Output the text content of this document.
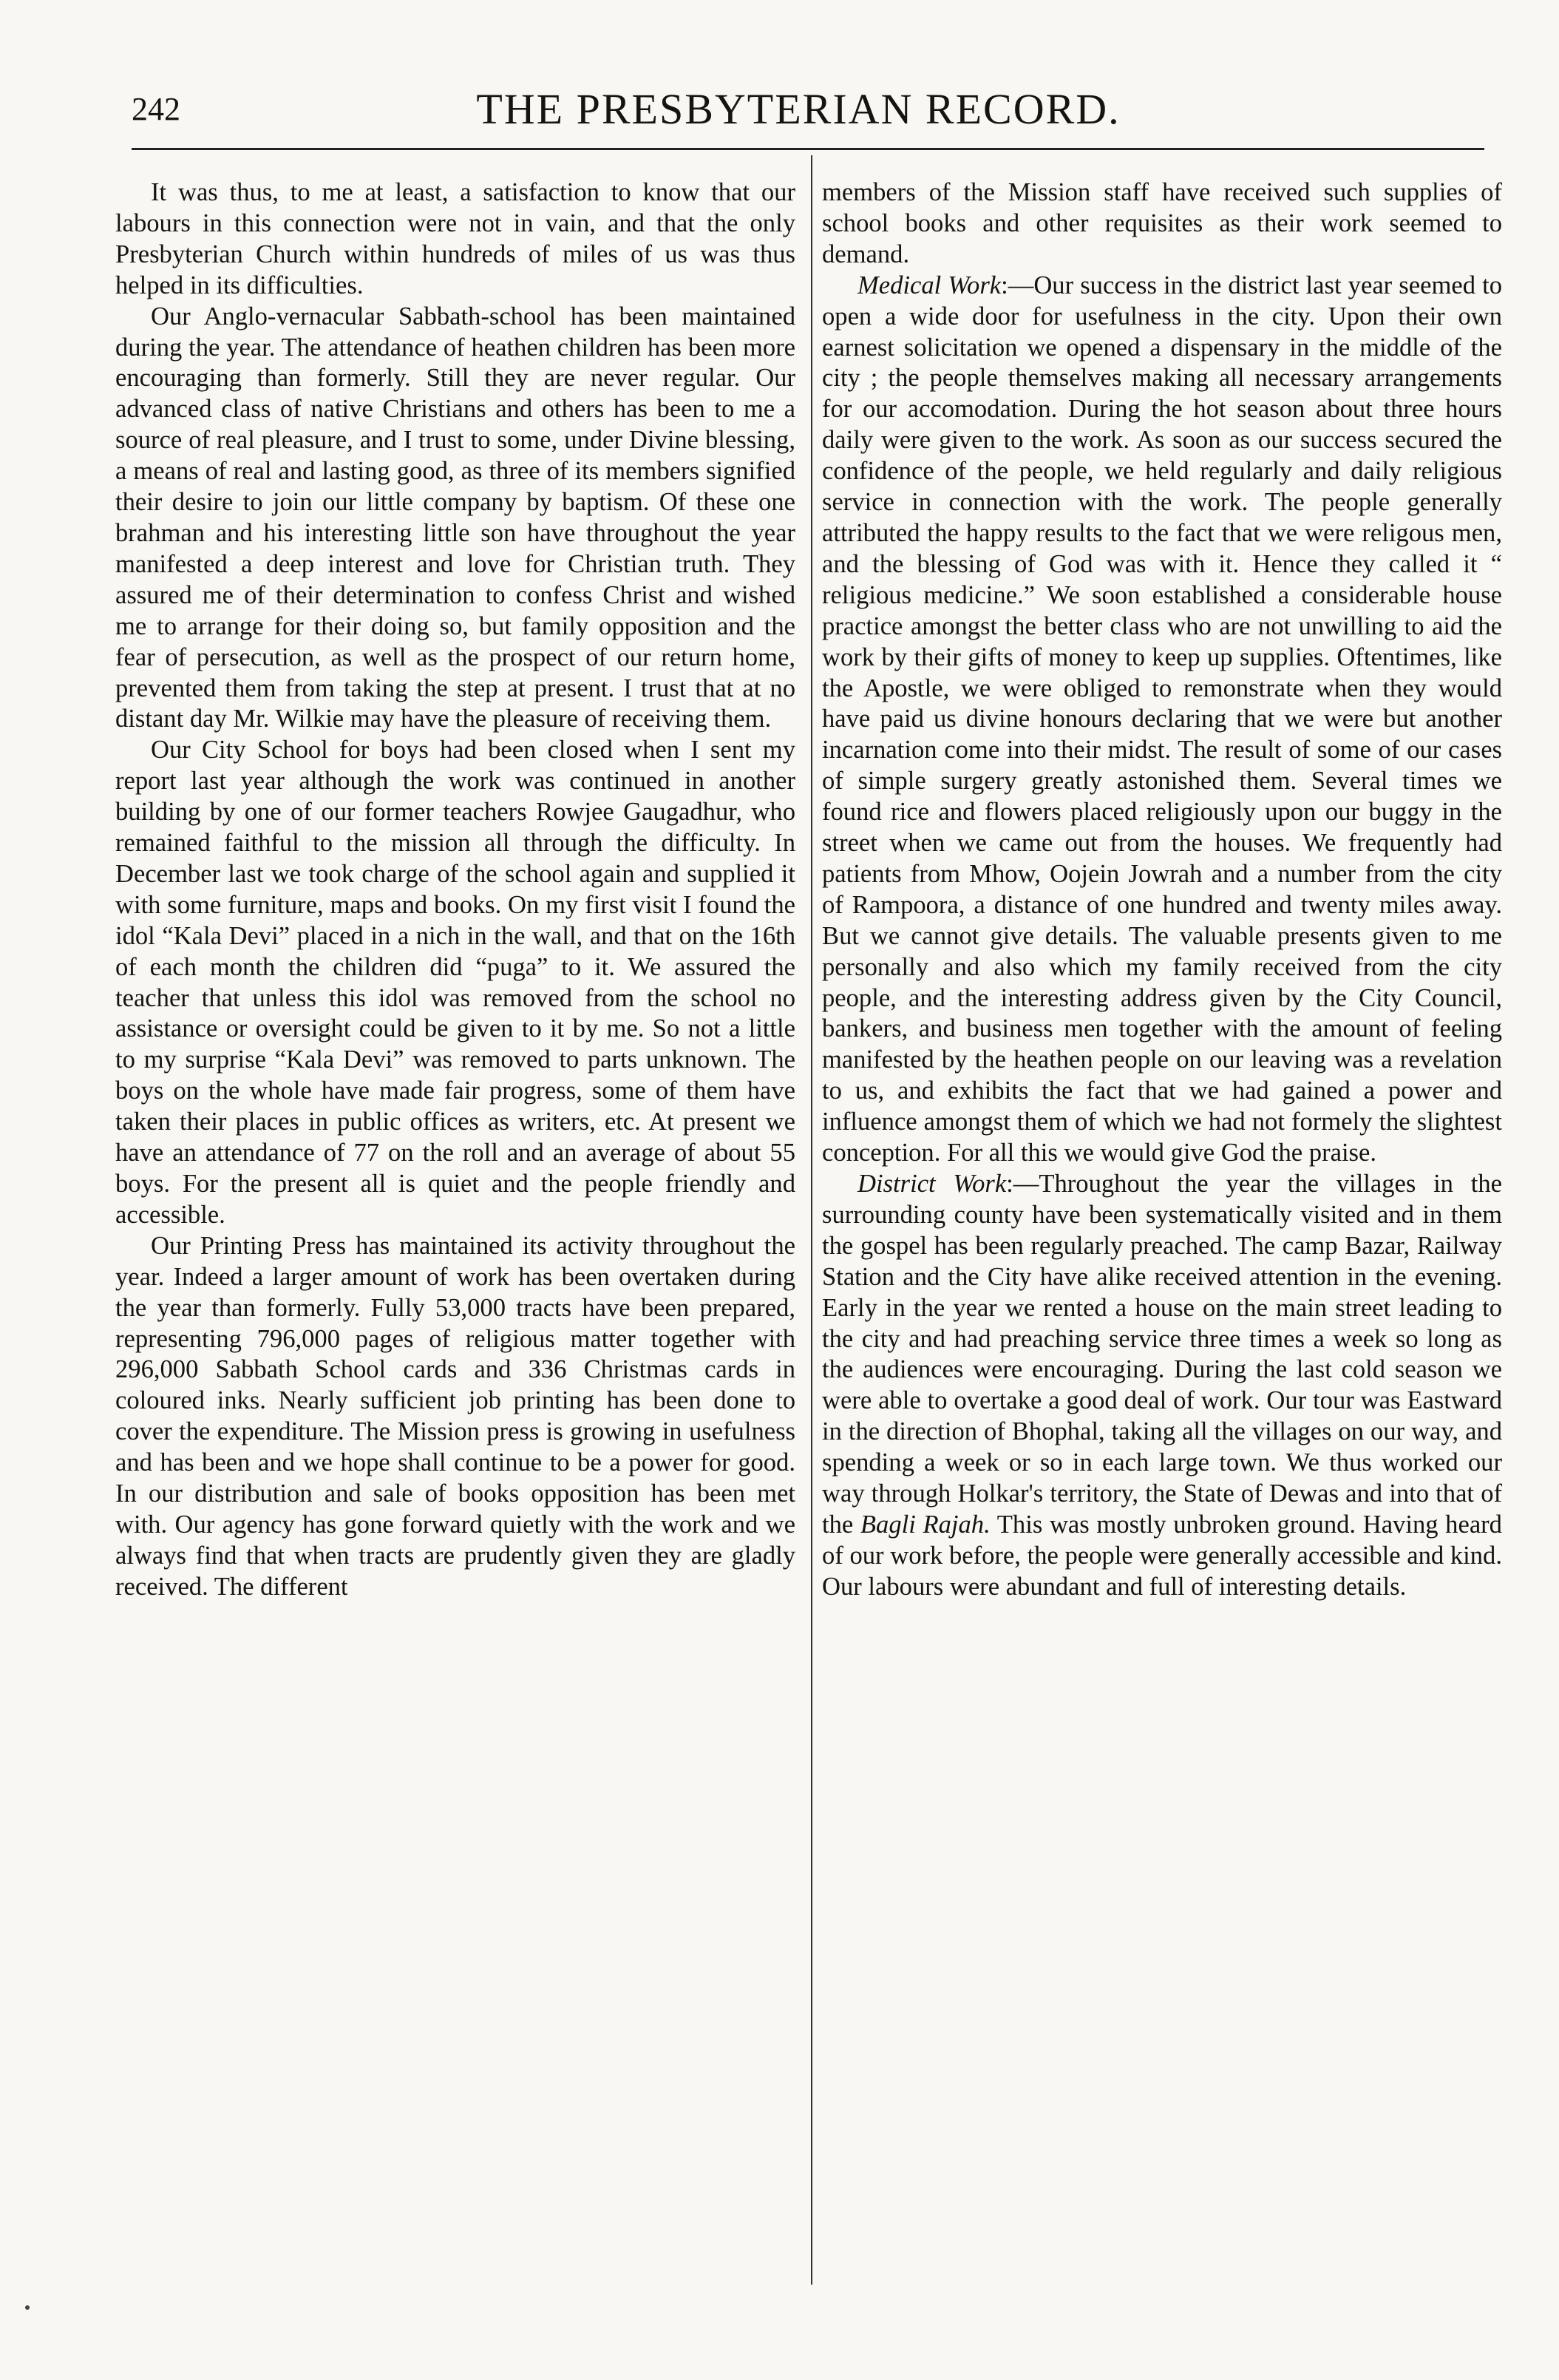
242	THE PRESBYTERIAN RECORD.

It was thus, to me at least, a satisfaction to know that our labours in this connection were not in vain, and that the only Presbyterian Church within hundreds of miles of us was thus helped in its difficulties.

Our Anglo-vernacular Sabbath-school has been maintained during the year. The attendance of heathen children has been more encouraging than formerly. Still they are never regular. Our advanced class of native Christians and others has been to me a source of real pleasure, and I trust to some, under Divine blessing, a means of real and lasting good, as three of its members signified their desire to join our little company by baptism. Of these one brahman and his interesting little son have throughout the year manifested a deep interest and love for Christian truth. They assured me of their determination to confess Christ and wished me to arrange for their doing so, but family opposition and the fear of persecution, as well as the prospect of our return home, prevented them from taking the step at present. I trust that at no distant day Mr. Wilkie may have the pleasure of receiving them.

Our City School for boys had been closed when I sent my report last year although the work was continued in another building by one of our former teachers Rowjee Gaugadhur, who remained faithful to the mission all through the difficulty. In December last we took charge of the school again and supplied it with some furniture, maps and books. On my first visit I found the idol “Kala Devi” placed in a nich in the wall, and that on the 16th of each month the children did “puga” to it. We assured the teacher that unless this idol was removed from the school no assistance or oversight could be given to it by me. So not a little to my surprise “Kala Devi” was removed to parts unknown. The boys on the whole have made fair progress, some of them have taken their places in public offices as writers, etc. At present we have an attendance of 77 on the roll and an average of about 55 boys. For the present all is quiet and the people friendly and accessible.

Our Printing Press has maintained its activity throughout the year. Indeed a larger amount of work has been overtaken during the year than formerly. Fully 53,000 tracts have been prepared, representing 796,000 pages of religious matter together with 296,000 Sabbath School cards and 336 Christmas cards in coloured inks. Nearly sufficient job printing has been done to cover the expenditure. The Mission press is growing in usefulness and has been and we hope shall continue to be a power for good. In our distribution and sale of books opposition has been met with. Our agency has gone forward quietly with the work and we always find that when tracts are prudently given they are gladly received. The different

members of the Mission staff have received such supplies of school books and other requisites as their work seemed to demand.

Medical Work:—Our success in the district last year seemed to open a wide door for usefulness in the city. Upon their own earnest solicitation we opened a dispensary in the middle of the city ; the people themselves making all necessary arrangements for our accomodation. During the hot season about three hours daily were given to the work. As soon as our success secured the confidence of the people, we held regularly and daily religious service in connection with the work. The people generally attributed the happy results to the fact that we were religous men, and the blessing of God was with it. Hence they called it “ religious medicine.” We soon established a considerable house practice amongst the better class who are not unwilling to aid the work by their gifts of money to keep up supplies. Oftentimes, like the Apostle, we were obliged to remonstrate when they would have paid us divine honours declaring that we were but another incarnation come into their midst. The result of some of our cases of simple surgery greatly astonished them. Several times we found rice and flowers placed religiously upon our buggy in the street when we came out from the houses. We frequently had patients from Mhow, Oojein Jowrah and a number from the city of Rampoora, a distance of one hundred and twenty miles away. But we cannot give details. The valuable presents given to me personally and also which my family received from the city people, and the interesting address given by the City Council, bankers, and business men together with the amount of feeling manifested by the heathen people on our leaving was a revelation to us, and exhibits the fact that we had gained a power and influence amongst them of which we had not formely the slightest conception. For all this we would give God the praise.

District Work:—Throughout the year the villages in the surrounding county have been systematically visited and in them the gospel has been regularly preached. The camp Bazar, Railway Station and the City have alike received attention in the evening. Early in the year we rented a house on the main street leading to the city and had preaching service three times a week so long as the audiences were encouraging. During the last cold season we were able to overtake a good deal of work. Our tour was Eastward in the direction of Bhophal, taking all the villages on our way, and spending a week or so in each large town. We thus worked our way through Holkar's territory, the State of Dewas and into that of the Bagli Rajah. This was mostly unbroken ground. Having heard of our work before, the people were generally accessible and kind. Our labours were abundant and full of interesting details.
